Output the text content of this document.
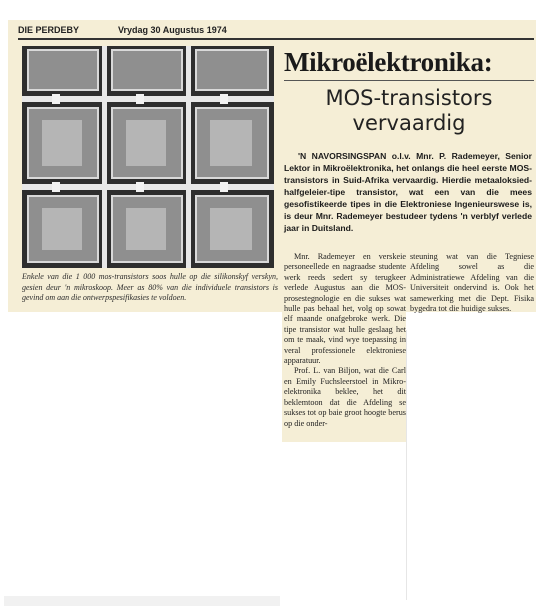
DIE PERDEBY	Vrydag 30 Augustus 1974
Enkele van die 1 000 mos-transistors soos hulle op die silikonskyf verskyn, gesien deur 'n mikroskoop. Meer as 80% van die individuele transistors is gevind om aan die ontwerpspesifikasies te voldoen.
Mikroëlektronika:
MOS-transistors
vervaardig
'N NAVORSINGSPAN o.l.v. Mnr. P. Rademeyer, Senior Lektor in Mikroëlektronika, het onlangs die heel eerste MOS-transistors in Suid-Afrika vervaardig. Hierdie metaaloksied-halfgeleier-tipe transistor, wat een van die mees gesofistikeerde tipes in die Elektroniese Ingenieurswese is, is deur Mnr. Rademeyer bestudeer tydens 'n verblyf verlede jaar in Duitsland.

Mnr. Rademeyer en verskeie personeellede en nagraadse studente werk reeds sedert sy terugkeer verlede Augustus aan die MOS-prosestegnologie en die sukses wat hulle pas behaal het, volg op sowat elf maande onafgebroke werk. Die tipe transistor wat hulle geslaag het om te maak, vind wye toepassing in veral professionele elektroniese apparatuur.

Prof. L. van Biljon, wat die Carl en Emily Fuchsleerstoel in Mikro-elektronika beklee, het dit beklemtoon dat die Afdeling se sukses tot op baie groot hoogte berus op die onder-

steuning wat van die Tegniese Afdeling sowel as die Administratiewe Afdeling van die Universiteit ondervind is. Ook het samewerking met die Dept. Fisika bygedra tot die huidige sukses.
